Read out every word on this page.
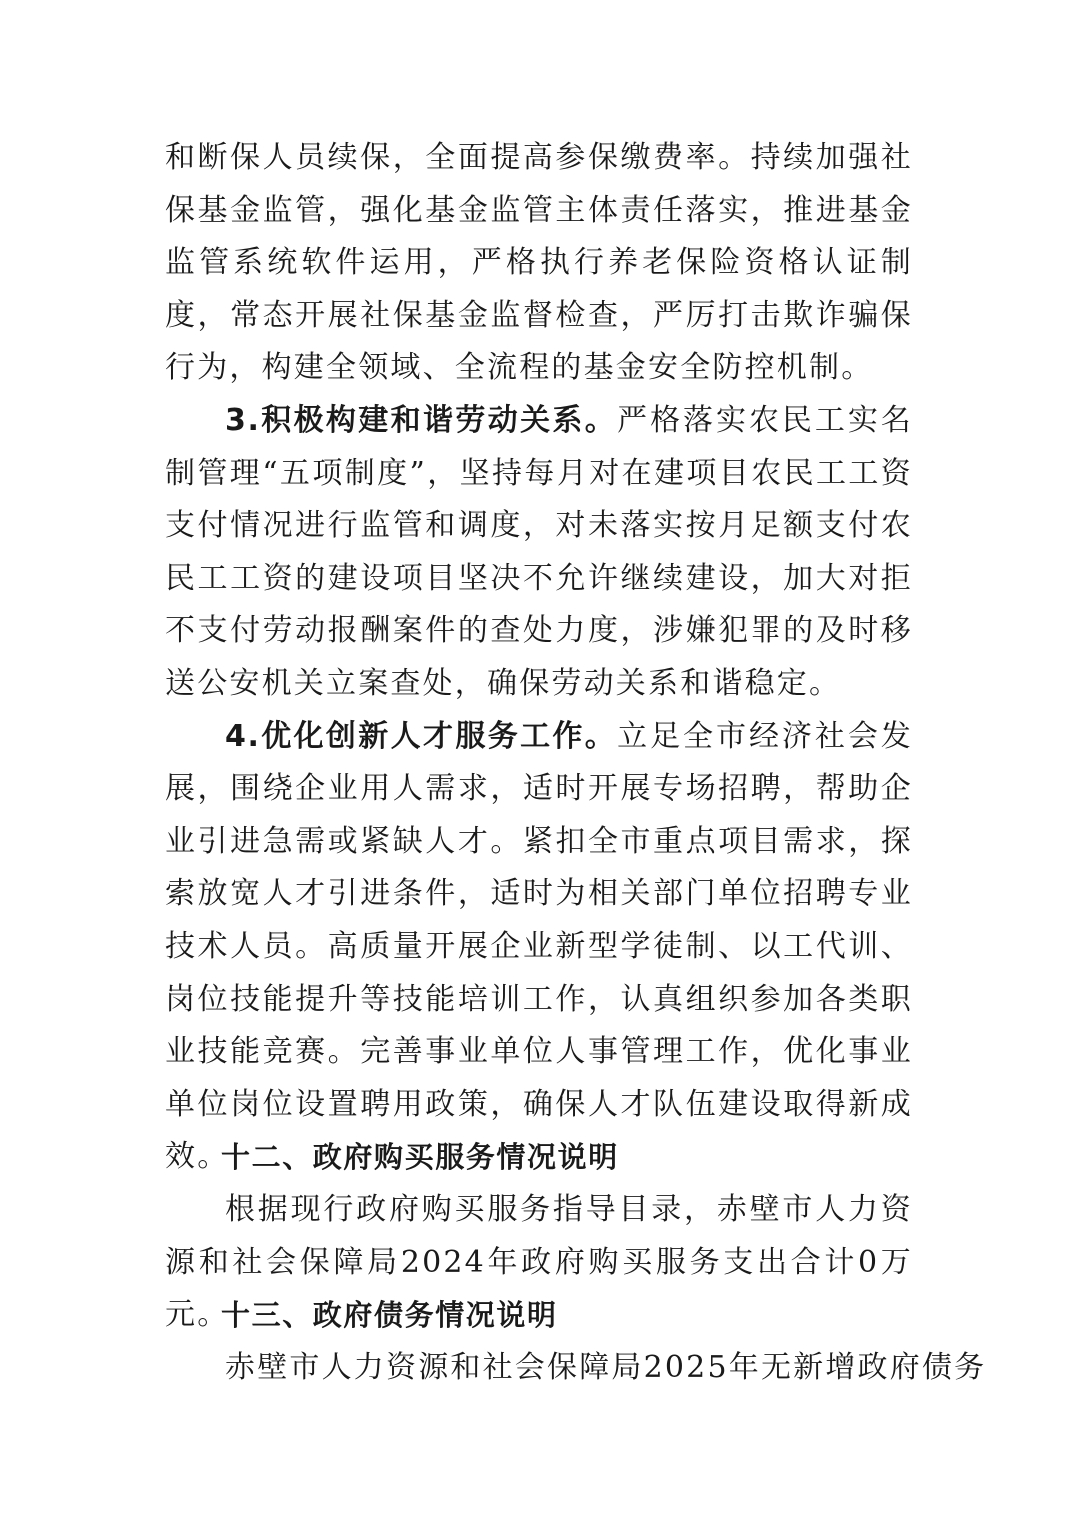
和断保人员续保，全面提高参保缴费率。持续加强社保基金监管，强化基金监管主体责任落实，推进基金监管系统软件运用，严格执行养老保险资格认证制度，常态开展社保基金监督检查，严厉打击欺诈骗保行为，构建全领域、全流程的基金安全防控机制。

3.积极构建和谐劳动关系。严格落实农民工实名制管理“五项制度”，坚持每月对在建项目农民工工资支付情况进行监管和调度，对未落实按月足额支付农民工工资的建设项目坚决不允许继续建设，加大对拒不支付劳动报酬案件的查处力度，涉嫌犯罪的及时移送公安机关立案查处，确保劳动关系和谐稳定。

4.优化创新人才服务工作。立足全市经济社会发展，围绕企业用人需求，适时开展专场招聘，帮助企业引进急需或紧缺人才。紧扣全市重点项目需求，探索放宽人才引进条件，适时为相关部门单位招聘专业技术人员。高质量开展企业新型学徒制、以工代训、岗位技能提升等技能培训工作，认真组织参加各类职业技能竞赛。完善事业单位人事管理工作，优化事业单位岗位设置聘用政策，确保人才队伍建设取得新成效。

十二、政府购买服务情况说明

根据现行政府购买服务指导目录，赤壁市人力资源和社会保障局2024年政府购买服务支出合计0万元。

十三、政府债务情况说明

赤壁市人力资源和社会保障局2025年无新增政府债务
